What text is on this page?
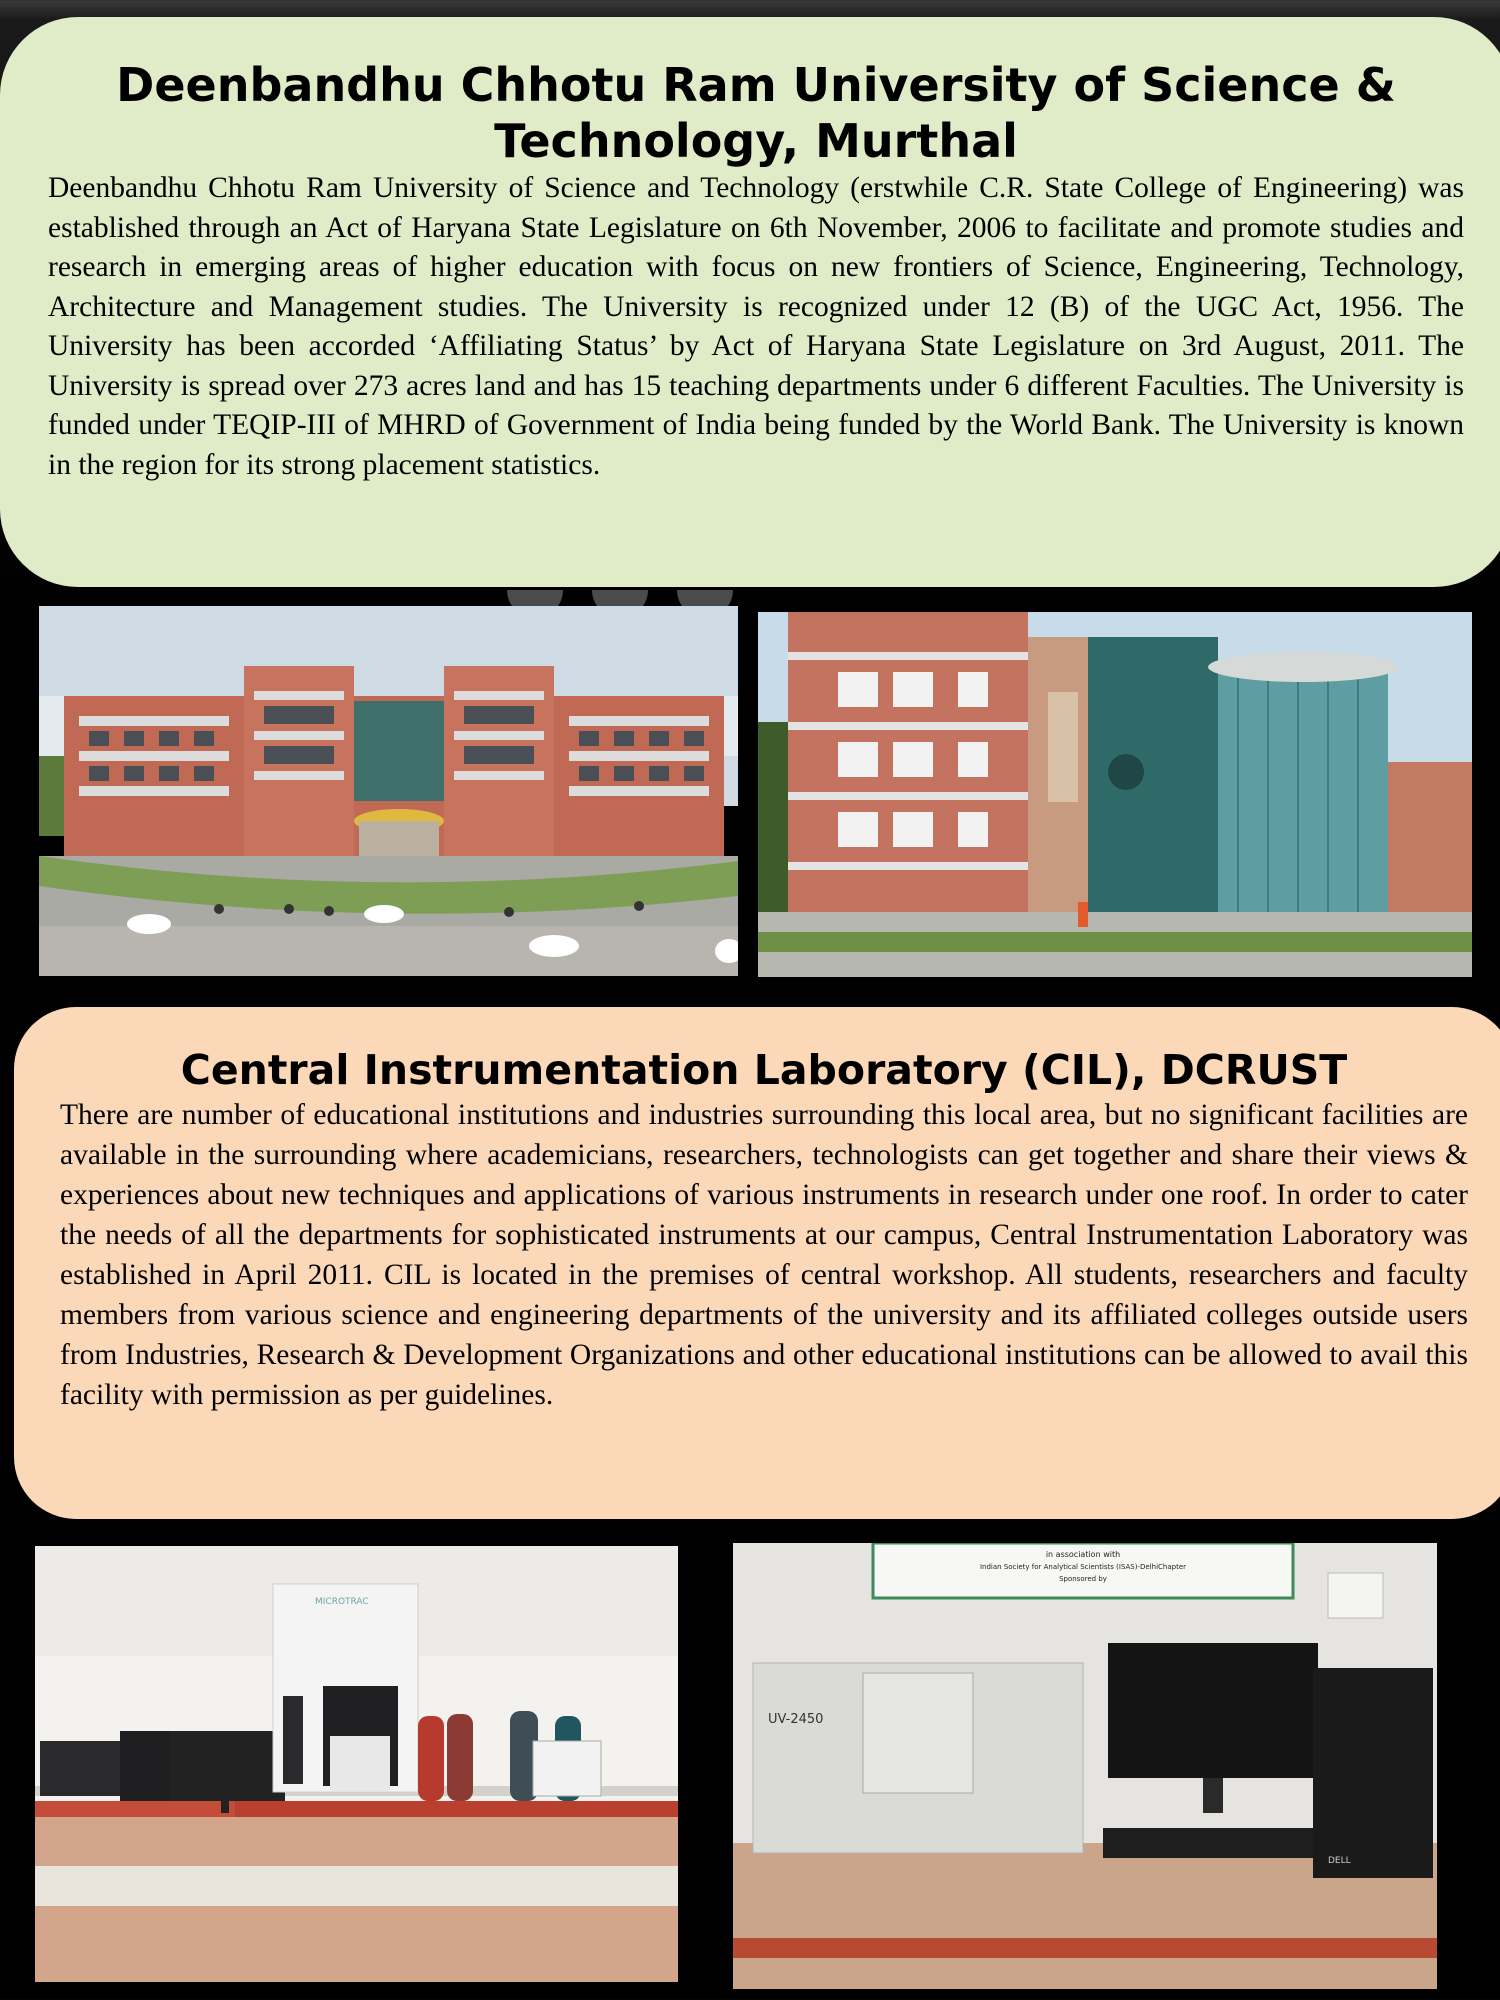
Deenbandhu Chhotu Ram University of Science & Technology, Murthal

Deenbandhu Chhotu Ram University of Science and Technology (erstwhile C.R. State College of Engineering) was established through an Act of Haryana State Legislature on 6th November, 2006 to facilitate and promote studies and research in emerging areas of higher education with focus on new frontiers of Science, Engineering, Technology, Architecture and Management studies. The University is recognized under 12 (B) of the UGC Act, 1956. The University has been accorded ‘Affiliating Status’ by Act of Haryana State Legislature on 3rd August, 2011. The University is spread over 273 acres land and has 15 teaching departments under 6 different Faculties. The University is funded under TEQIP-III of MHRD of Government of India being funded by the World Bank. The University is known in the region for its strong placement statistics.

Central Instrumentation Laboratory (CIL), DCRUST

There are number of educational institutions and industries surrounding this local area, but no significant facilities are available in the surrounding where academicians, researchers, technologists can get together and share their views & experiences about new techniques and applications of various instruments in research under one roof. In order to cater the needs of all the departments for sophisticated instruments at our campus, Central Instrumentation Laboratory was established in April 2011. CIL is located in the premises of central workshop. All students, researchers and faculty members from various science and engineering departments of the university and its affiliated colleges outside users from Industries, Research & Development Organizations and other educational institutions can be allowed to avail this facility with permission as per guidelines.

MICROTRAC
in association with
Indian Society for Analytical Scientists (ISAS)-DelhiChapter
Sponsored by
UV-2450
DELL
